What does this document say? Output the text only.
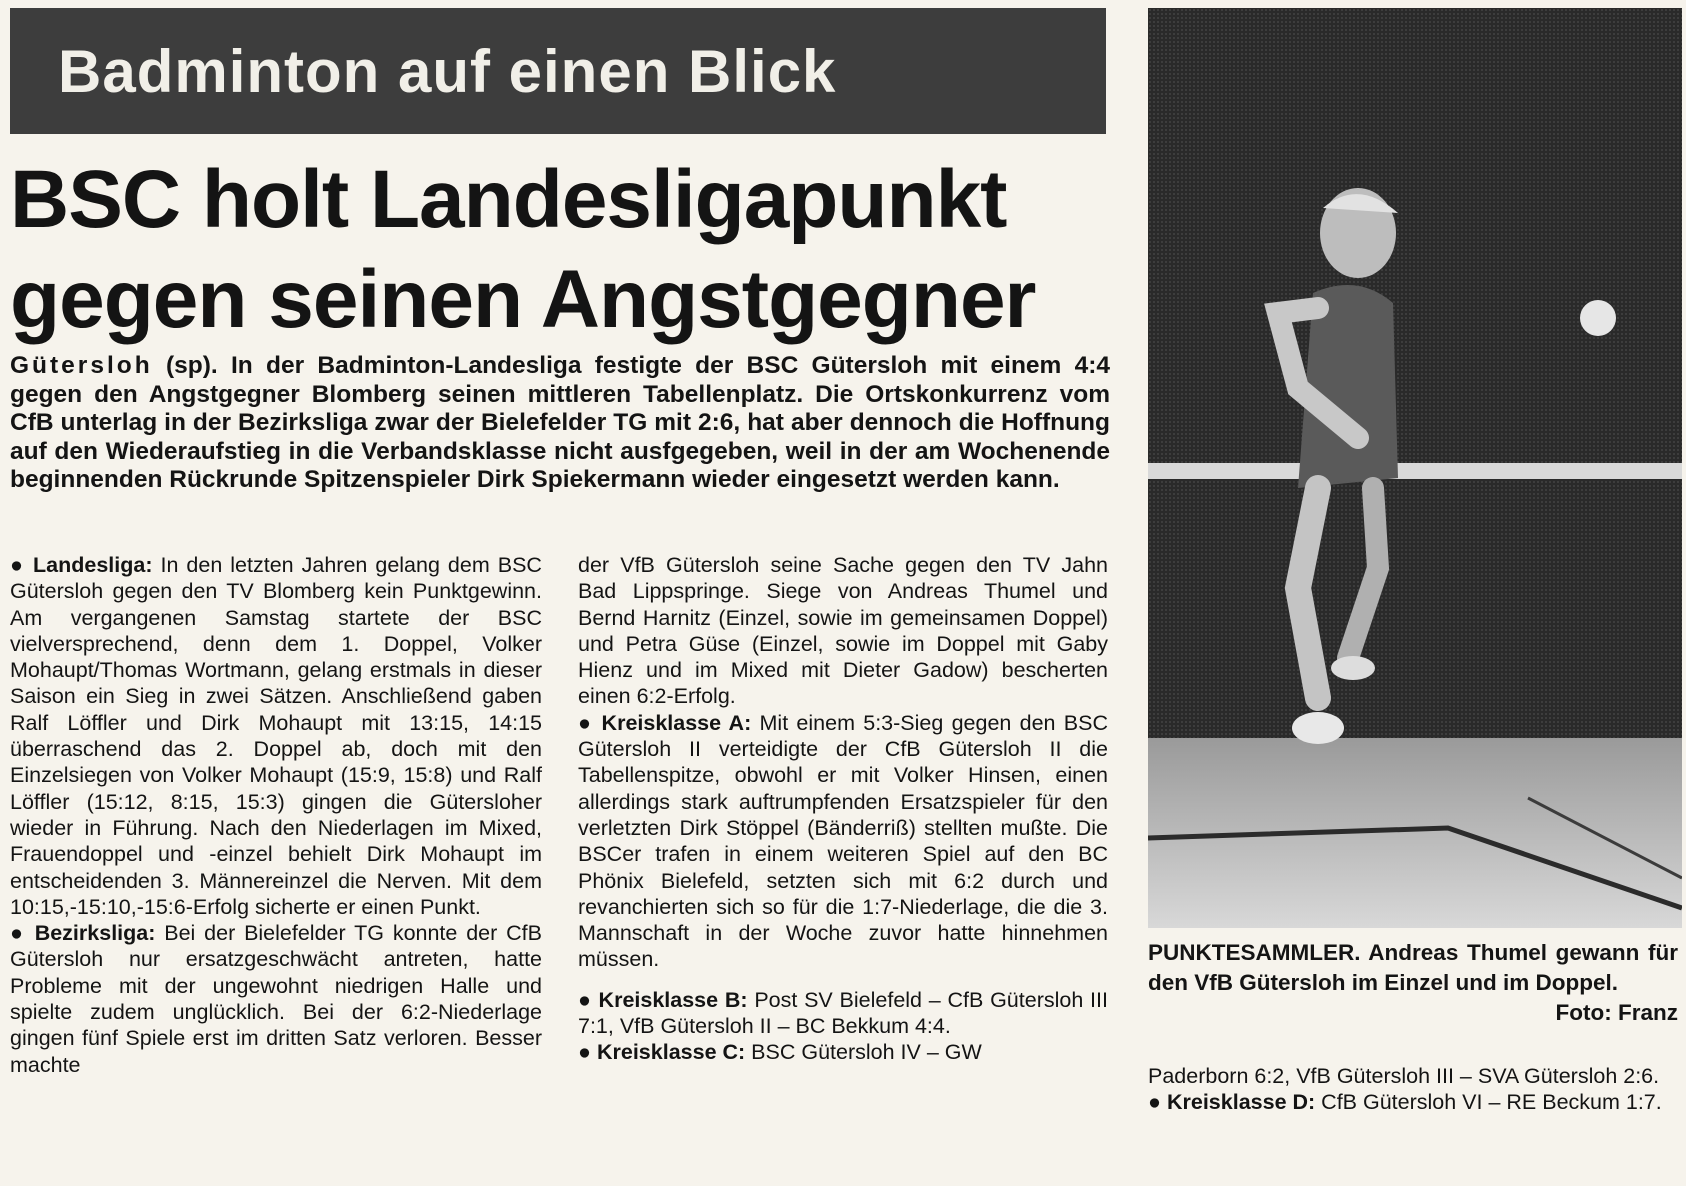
Badminton auf einen Blick
BSC holt Landesligapunkt
gegen seinen Angstgegner

Gütersloh (sp). In der Badminton-Landesliga festigte der BSC Gütersloh mit einem 4:4 gegen den Angstgegner Blomberg seinen mittleren Tabellenplatz. Die Ortskonkurrenz vom CfB unterlag in der Bezirksliga zwar der Bielefelder TG mit 2:6, hat aber dennoch die Hoffnung auf den Wiederaufstieg in die Verbandsklasse nicht ausfgegeben, weil in der am Wochenende beginnenden Rückrunde Spitzenspieler Dirk Spiekermann wieder eingesetzt werden kann.

● Landesliga: In den letzten Jahren gelang dem BSC Gütersloh gegen den TV Blomberg kein Punktgewinn. Am vergangenen Samstag startete der BSC vielversprechend, denn dem 1. Doppel, Volker Mohaupt/Thomas Wortmann, gelang erstmals in dieser Saison ein Sieg in zwei Sätzen. Anschließend gaben Ralf Löffler und Dirk Mohaupt mit 13:15, 14:15 überraschend das 2. Doppel ab, doch mit den Einzelsiegen von Volker Mohaupt (15:9, 15:8) und Ralf Löffler (15:12, 8:15, 15:3) gingen die Gütersloher wieder in Führung. Nach den Niederlagen im Mixed, Frauendoppel und -einzel behielt Dirk Mohaupt im entscheidenden 3. Männereinzel die Nerven. Mit dem 10:15,-15:10,-15:6-Erfolg sicherte er einen Punkt.

● Bezirksliga: Bei der Bielefelder TG konnte der CfB Gütersloh nur ersatzgeschwächt antreten, hatte Probleme mit der ungewohnt niedrigen Halle und spielte zudem unglücklich. Bei der 6:2-Niederlage gingen fünf Spiele erst im dritten Satz verloren. Besser machte

der VfB Gütersloh seine Sache gegen den TV Jahn Bad Lippspringe. Siege von Andreas Thumel und Bernd Harnitz (Einzel, sowie im gemeinsamen Doppel) und Petra Güse (Einzel, sowie im Doppel mit Gaby Hienz und im Mixed mit Dieter Gadow) bescherten einen 6:2-Erfolg.

● Kreisklasse A: Mit einem 5:3-Sieg gegen den BSC Gütersloh II verteidigte der CfB Gütersloh II die Tabellenspitze, obwohl er mit Volker Hinsen, einen allerdings stark auftrumpfenden Ersatzspieler für den verletzten Dirk Stöppel (Bänderriß) stellten mußte. Die BSCer trafen in einem weiteren Spiel auf den BC Phönix Bielefeld, setzten sich mit 6:2 durch und revanchierten sich so für die 1:7-Niederlage, die die 3. Mannschaft in der Woche zuvor hatte hinnehmen müssen.

● Kreisklasse B: Post SV Bielefeld – CfB Gütersloh III 7:1, VfB Gütersloh II – BC Bekkum 4:4.

● Kreisklasse C: BSC Gütersloh IV – GW

PUNKTESAMMLER. Andreas Thumel gewann für den VfB Gütersloh im Einzel und im Doppel.
Foto: Franz

Paderborn 6:2, VfB Gütersloh III – SVA Gütersloh 2:6.

● Kreisklasse D: CfB Gütersloh VI – RE Beckum 1:7.
